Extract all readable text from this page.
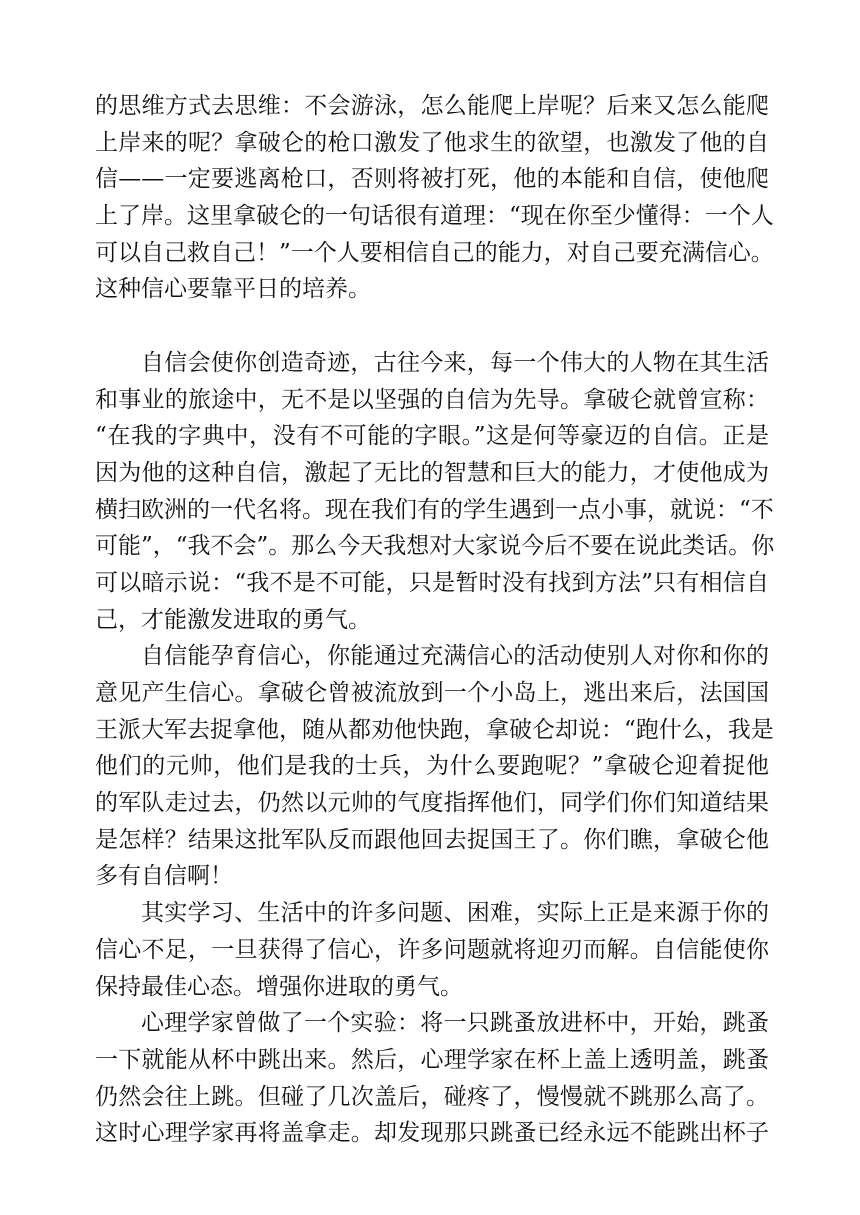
的思维方式去思维：不会游泳，怎么能爬上岸呢？后来又怎么能爬
上岸来的呢？拿破仑的枪口激发了他求生的欲望，也激发了他的自
信——一定要逃离枪口，否则将被打死，他的本能和自信，使他爬
上了岸。这里拿破仑的一句话很有道理：“现在你至少懂得：一个人
可以自己救自己！”一个人要相信自己的能力，对自己要充满信心。
这种信心要靠平日的培养。
自信会使你创造奇迹，古往今来，每一个伟大的人物在其生活
和事业的旅途中，无不是以坚强的自信为先导。拿破仑就曾宣称：
“在我的字典中，没有不可能的字眼。”这是何等豪迈的自信。正是
因为他的这种自信，激起了无比的智慧和巨大的能力，才使他成为
横扫欧洲的一代名将。现在我们有的学生遇到一点小事，就说：“不
可能”，“我不会”。那么今天我想对大家说今后不要在说此类话。你
可以暗示说：“我不是不可能，只是暂时没有找到方法”只有相信自
己，才能激发进取的勇气。
自信能孕育信心，你能通过充满信心的活动使别人对你和你的
意见产生信心。拿破仑曾被流放到一个小岛上，逃出来后，法国国
王派大军去捉拿他，随从都劝他快跑，拿破仑却说：“跑什么，我是
他们的元帅，他们是我的士兵，为什么要跑呢？”拿破仑迎着捉他
的军队走过去，仍然以元帅的气度指挥他们，同学们你们知道结果
是怎样？结果这批军队反而跟他回去捉国王了。你们瞧，拿破仑他
多有自信啊！
其实学习、生活中的许多问题、困难，实际上正是来源于你的
信心不足，一旦获得了信心，许多问题就将迎刃而解。自信能使你
保持最佳心态。增强你进取的勇气。
心理学家曾做了一个实验：将一只跳蚤放进杯中，开始，跳蚤
一下就能从杯中跳出来。然后，心理学家在杯上盖上透明盖，跳蚤
仍然会往上跳。但碰了几次盖后，碰疼了，慢慢就不跳那么高了。
这时心理学家再将盖拿走。却发现那只跳蚤已经永远不能跳出杯子
